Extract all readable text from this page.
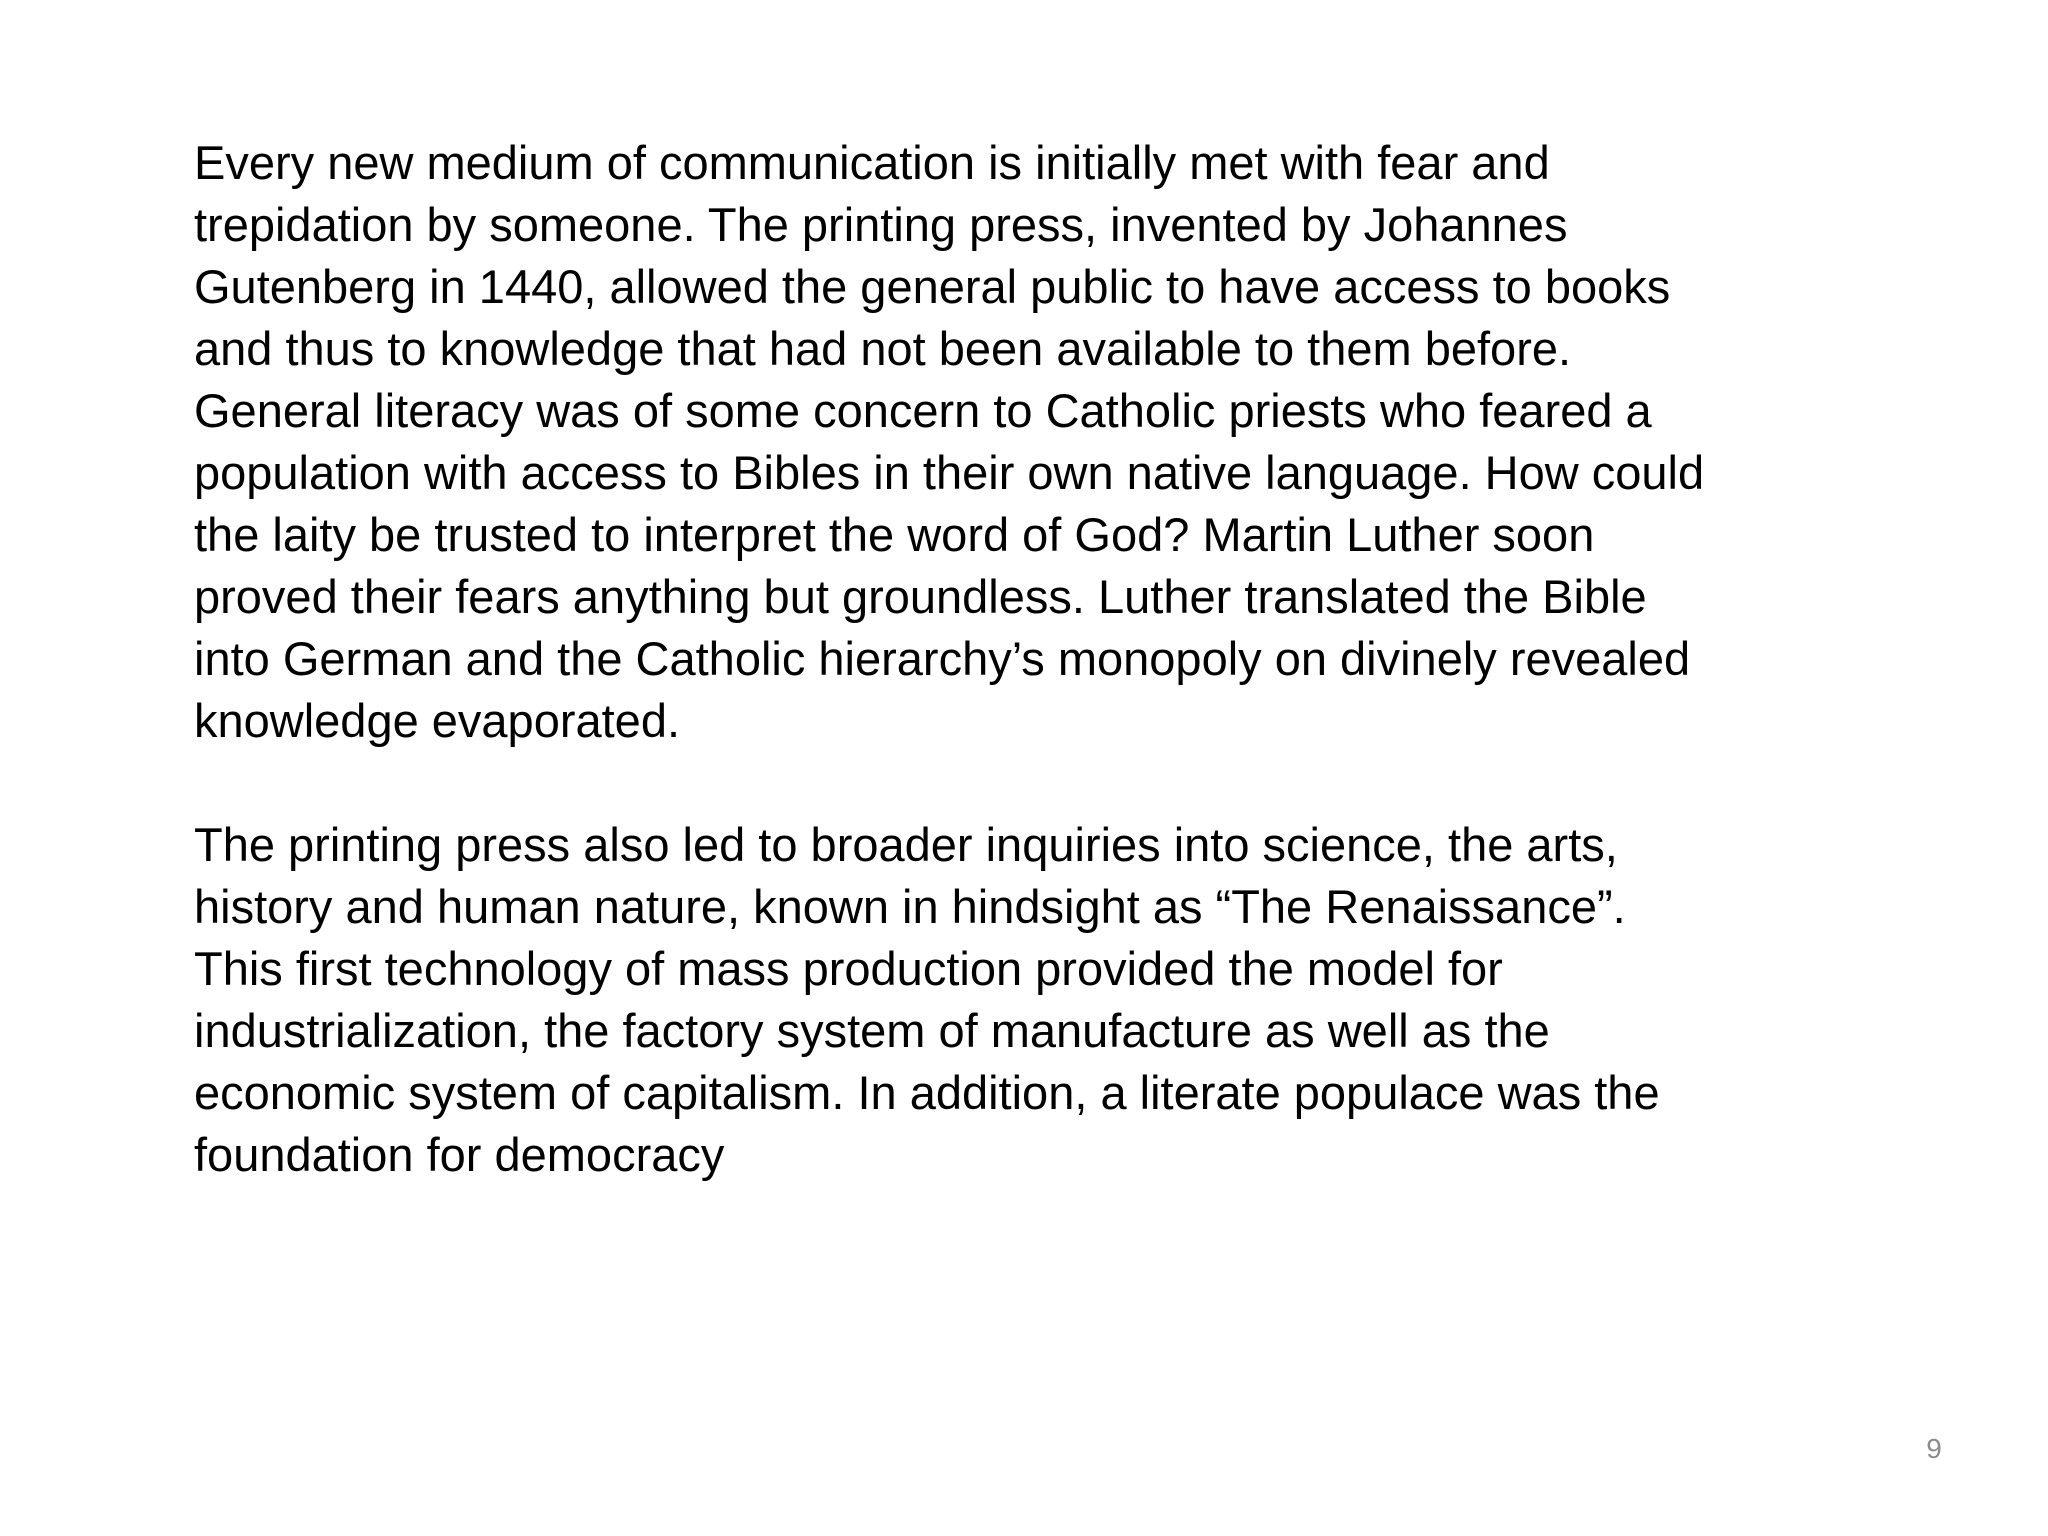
Every new medium of communication is initially met with fear and
trepidation by someone. The printing press, invented by Johannes
Gutenberg in 1440, allowed the general public to have access to books
and thus to knowledge that had not been available to them before.
General literacy was of some concern to Catholic priests who feared a
population with access to Bibles in their own native language. How could
the laity be trusted to interpret the word of God? Martin Luther soon
proved their fears anything but groundless. Luther translated the Bible
into German and the Catholic hierarchy’s monopoly on divinely revealed
knowledge evaporated.

The printing press also led to broader inquiries into science, the arts,
history and human nature, known in hindsight as “The Renaissance”.
This first technology of mass production provided the model for
industrialization, the factory system of manufacture as well as the
economic system of capitalism. In addition, a literate populace was the
foundation for democracy

9
